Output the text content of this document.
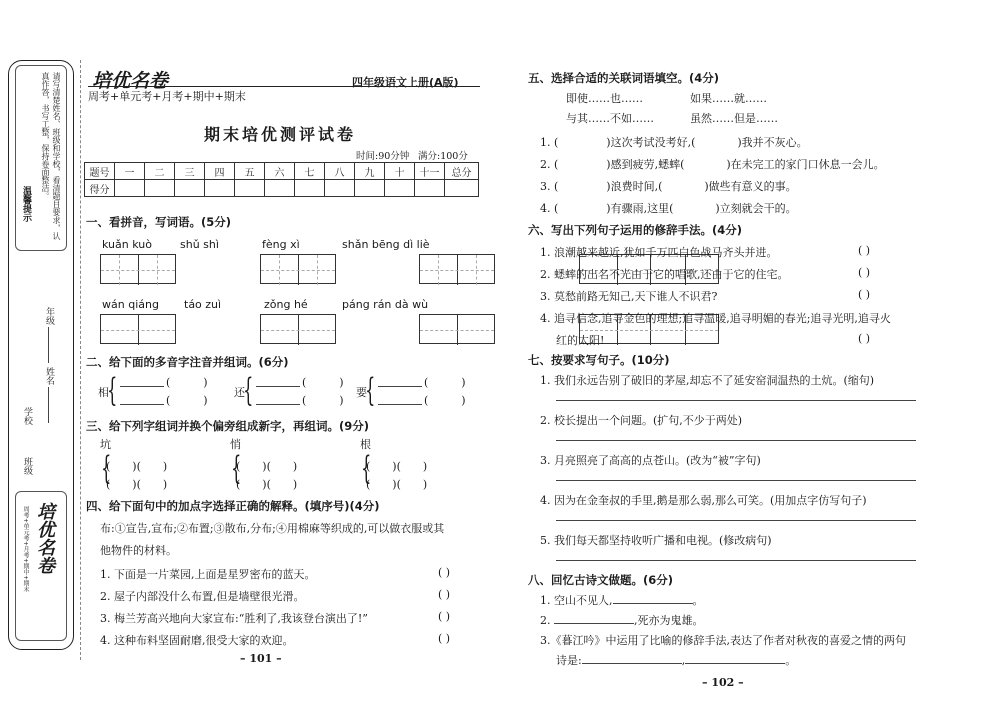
请写清楚姓名、班级和学校，看清题目要求，认真作答，书写工整，保持卷面整洁。
温馨提示
年级
姓名
学校
班级
培优名卷
周考+单元考+月考+期中+期末
培优名卷
周考+单元考+月考+期中+期末
四年级语文上册(A版)
期末培优测评试卷
时间:90分钟 满分:100分
题号	一	二	三	四	五	六	七	八	九	十	十一	总分
得分												
一、看拼音，写词语。(5分)
kuǎn kuò	shǔ shì	fèng xì	shǎn bēng dì liè

wán qiáng táo zuì	zǒng hé	páng rán dà wù

二、给下面的多音字注音并组词。(6分)
相
{	(　　　)
(　　　)
还
{	(　　　)
(　　　)
要
{	(　　　)
(　　　)
三、给下列字组词并换个偏旁组成新字，再组词。(9分)
坑
{
(　　)(　　)
(　　)(　　)
悄
{
(　　)(　　)
(　　)(　　)
根
{
(　　)(　　)
(　　)(　　)
四、给下面句中的加点字选择正确的解释。(填序号)(4分)
布:①宣告,宣布;②布置;③散布,分布;④用棉麻等织成的,可以做衣服或其
他物件的材料。
1. 下面是一片菜园,上面是星罗密布的蓝天。	( )
2. 屋子内部没什么布置,但是墙壁很光滑。	( )
3. 梅兰芳高兴地向大家宣布:“胜利了,我该登台演出了!”	( )
4. 这种布料坚固耐磨,很受大家的欢迎。	( )
– 101 –
五、选择合适的关联词语填空。(4分)
即使……也……	如果……就……
与其……不如……	虽然……但是……
1. (	)这次考试没考好,(	)我并不灰心。
2. (	)感到疲劳,蟋蟀(	)在未完工的家门口休息一会儿。
3. (	)浪费时间,(	)做些有意义的事。
4. (	)有骤雨,这里(	)立刻就会干的。
六、写出下列句子运用的修辞手法。(4分)
1. 浪潮越来越近,犹如千万匹白色战马齐头并进。	( )
2. 蟋蟀的出名不光由于它的唱歌,还由于它的住宅。	( )
3. 莫愁前路无知己,天下谁人不识君?	( )
4. 追寻信念,追寻金色的理想;追寻温暖,追寻明媚的春光;追寻光明,追寻火
红的太阳!	( )
七、按要求写句子。(10分)
1. 我们永远告别了破旧的茅屋,却忘不了延安窑洞温热的土炕。(缩句)
2. 校长提出一个问题。(扩句,不少于两处)
3. 月亮照亮了高高的点苍山。(改为“被”字句)
4. 因为在金奎叔的手里,鹅是那么弱,那么可笑。(用加点字仿写句子)
5. 我们每天都坚持收听广播和电视。(修改病句)
八、回忆古诗文做题。(6分)
1. 空山不见人,	。
2.	,死亦为鬼雄。
3.《暮江吟》中运用了比喻的修辞手法,表达了作者对秋夜的喜爱之情的两句
诗是:	,	。
– 102 –
